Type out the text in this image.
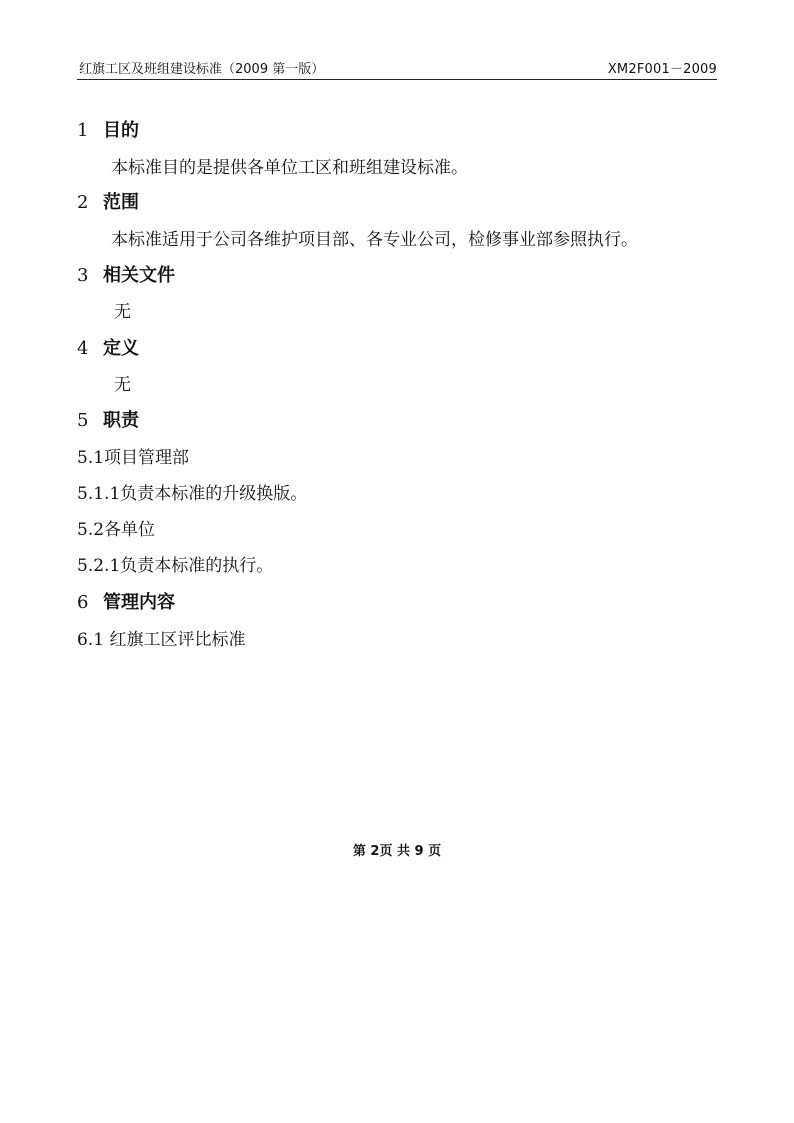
红旗工区及班组建设标准（2009 第一版）	XM2F001－2009
1 目的
本标准目的是提供各单位工区和班组建设标准。
2 范围
本标准适用于公司各维护项目部、各专业公司，检修事业部参照执行。
3 相关文件
无
4 定义
无
5 职责
5.1项目管理部
5.1.1负责本标准的升级换版。
5.2各单位
5.2.1负责本标准的执行。
6 管理内容
6.1 红旗工区评比标准
第 2页 共 9 页
